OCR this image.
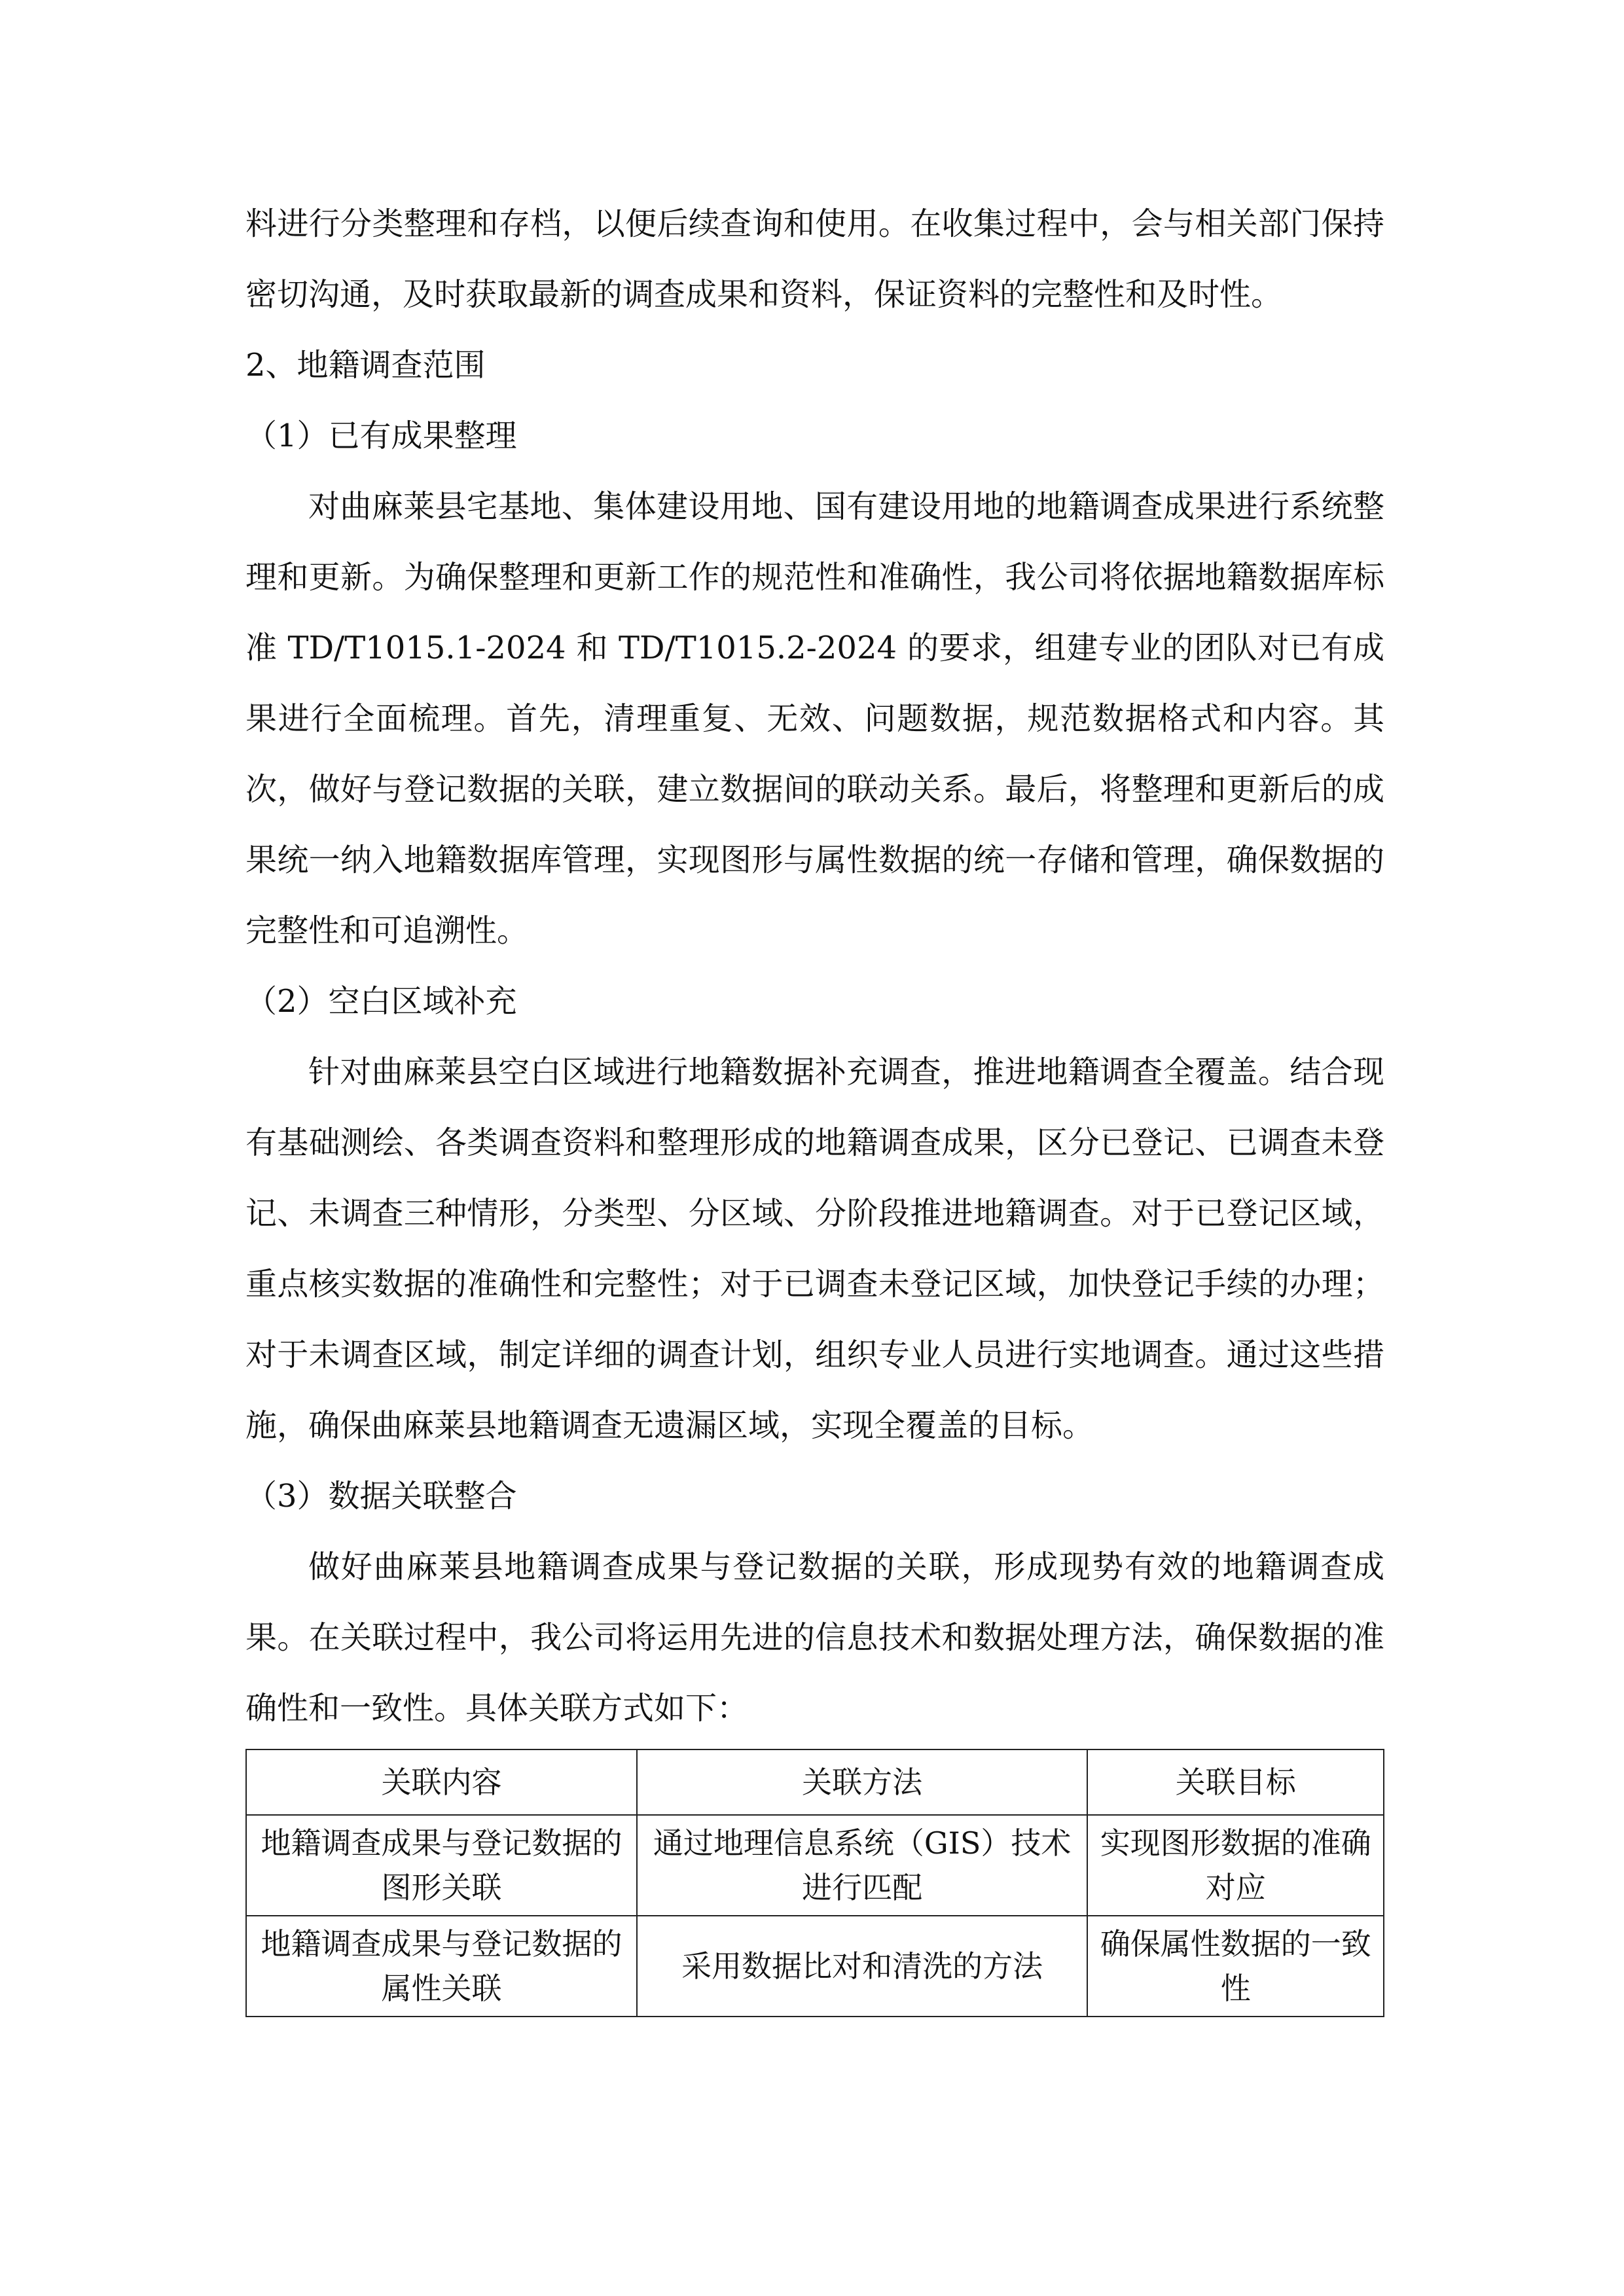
料进行分类整理和存档，以便后续查询和使用。在收集过程中，会与相关部门保持密切沟通，及时获取最新的调查成果和资料，保证资料的完整性和及时性。

2、地籍调查范围

（1）已有成果整理

对曲麻莱县宅基地、集体建设用地、国有建设用地的地籍调查成果进行系统整理和更新。为确保整理和更新工作的规范性和准确性，我公司将依据地籍数据库标准 TD/T1015.1-2024 和 TD/T1015.2-2024 的要求，组建专业的团队对已有成果进行全面梳理。首先，清理重复、无效、问题数据，规范数据格式和内容。其次，做好与登记数据的关联，建立数据间的联动关系。最后，将整理和更新后的成果统一纳入地籍数据库管理，实现图形与属性数据的统一存储和管理，确保数据的完整性和可追溯性。

（2）空白区域补充

针对曲麻莱县空白区域进行地籍数据补充调查，推进地籍调查全覆盖。结合现有基础测绘、各类调查资料和整理形成的地籍调查成果，区分已登记、已调查未登记、未调查三种情形，分类型、分区域、分阶段推进地籍调查。对于已登记区域，重点核实数据的准确性和完整性；对于已调查未登记区域，加快登记手续的办理；对于未调查区域，制定详细的调查计划，组织专业人员进行实地调查。通过这些措施，确保曲麻莱县地籍调查无遗漏区域，实现全覆盖的目标。

（3）数据关联整合

做好曲麻莱县地籍调查成果与登记数据的关联，形成现势有效的地籍调查成果。在关联过程中，我公司将运用先进的信息技术和数据处理方法，确保数据的准确性和一致性。具体关联方式如下：

关联内容	关联方法	关联目标
地籍调查成果与登记数据的图形关联	通过地理信息系统（GIS）技术进行匹配	实现图形数据的准确对应
地籍调查成果与登记数据的属性关联	采用数据比对和清洗的方法	确保属性数据的一致性
